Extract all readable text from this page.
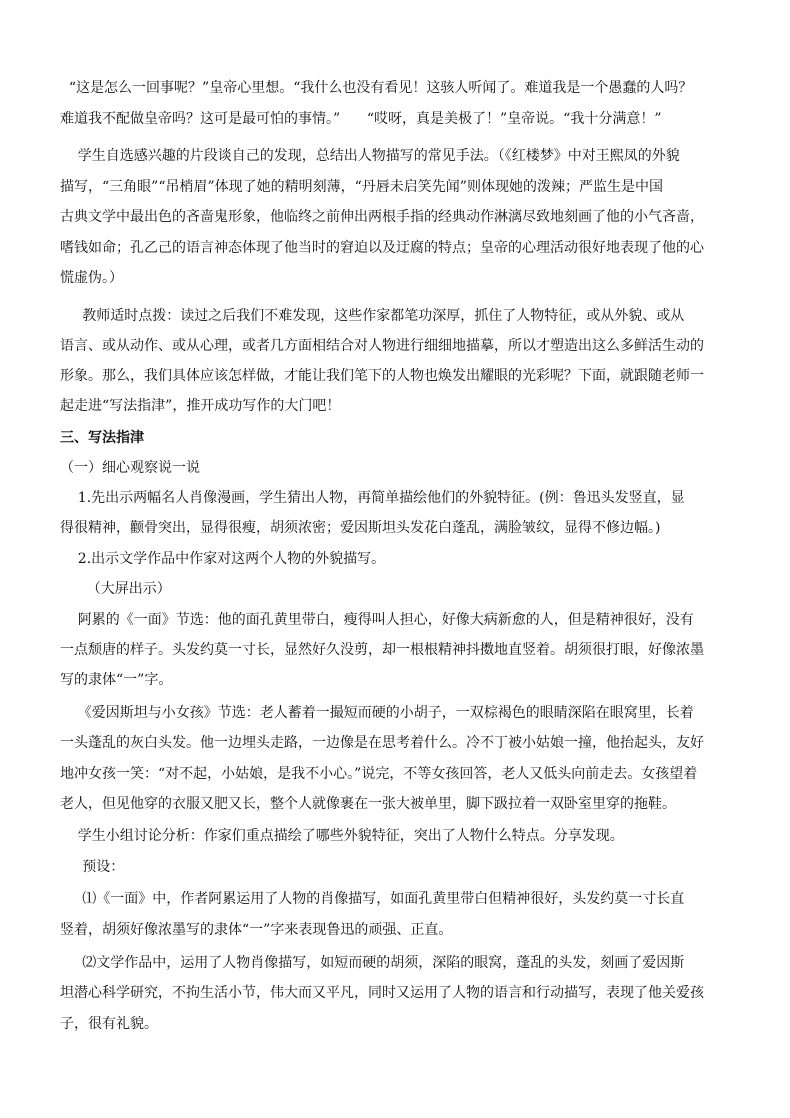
“这是怎么一回事呢？”皇帝心里想。“我什么也没有看见！这骇人听闻了。难道我是一个愚蠢的人吗？
难道我不配做皇帝吗？这可是最可怕的事情。”      “哎呀，真是美极了！”皇帝说。“我十分满意！”
学生自选感兴趣的片段谈自己的发现，总结出人物描写的常见手法。（《红楼梦》中对王熙凤的外貌
描写，“三角眼”“吊梢眉”体现了她的精明刻薄，“丹唇未启笑先闻”则体现她的泼辣；严监生是中国
古典文学中最出色的吝啬鬼形象，他临终之前伸出两根手指的经典动作淋漓尽致地刻画了他的小气吝啬，
嗜钱如命；孔乙己的语言神态体现了他当时的窘迫以及迂腐的特点；皇帝的心理活动很好地表现了他的心
慌虚伪。）
教师适时点拨：读过之后我们不难发现，这些作家都笔功深厚，抓住了人物特征，或从外貌、或从
语言、或从动作、或从心理，或者几方面相结合对人物进行细细地描摹，所以才塑造出这么多鲜活生动的
形象。那么，我们具体应该怎样做，才能让我们笔下的人物也焕发出耀眼的光彩呢？下面，就跟随老师一
起走进“写法指津”，推开成功写作的大门吧！
三、写法指津
（一）细心观察说一说
1.先出示两幅名人肖像漫画，学生猜出人物，再简单描绘他们的外貌特征。(例：鲁迅头发竖直，显
得很精神，颧骨突出，显得很瘦，胡须浓密；爱因斯坦头发花白蓬乱，满脸皱纹，显得不修边幅。)
2.出示文学作品中作家对这两个人物的外貌描写。
（大屏出示）
阿累的《一面》节选：他的面孔黄里带白，瘦得叫人担心，好像大病新愈的人，但是精神很好，没有
一点颓唐的样子。头发约莫一寸长，显然好久没剪，却一根根精神抖擞地直竖着。胡须很打眼，好像浓墨
写的隶体“一”字。
《爱因斯坦与小女孩》节选：老人蓄着一撮短而硬的小胡子，一双棕褐色的眼睛深陷在眼窝里，长着
一头蓬乱的灰白头发。他一边埋头走路，一边像是在思考着什么。冷不丁被小姑娘一撞，他抬起头，友好
地冲女孩一笑：“对不起，小姑娘，是我不小心。”说完，不等女孩回答，老人又低头向前走去。女孩望着
老人，但见他穿的衣服又肥又长，整个人就像裹在一张大被单里，脚下趿拉着一双卧室里穿的拖鞋。
学生小组讨论分析：作家们重点描绘了哪些外貌特征，突出了人物什么特点。分享发现。
预设：
⑴《一面》中，作者阿累运用了人物的肖像描写，如面孔黄里带白但精神很好，头发约莫一寸长直
竖着，胡须好像浓墨写的隶体“一”字来表现鲁迅的顽强、正直。
⑵文学作品中，运用了人物肖像描写，如短而硬的胡须，深陷的眼窝，蓬乱的头发，刻画了爱因斯
坦潜心科学研究，不拘生活小节，伟大而又平凡，同时又运用了人物的语言和行动描写，表现了他关爱孩
子，很有礼貌。
